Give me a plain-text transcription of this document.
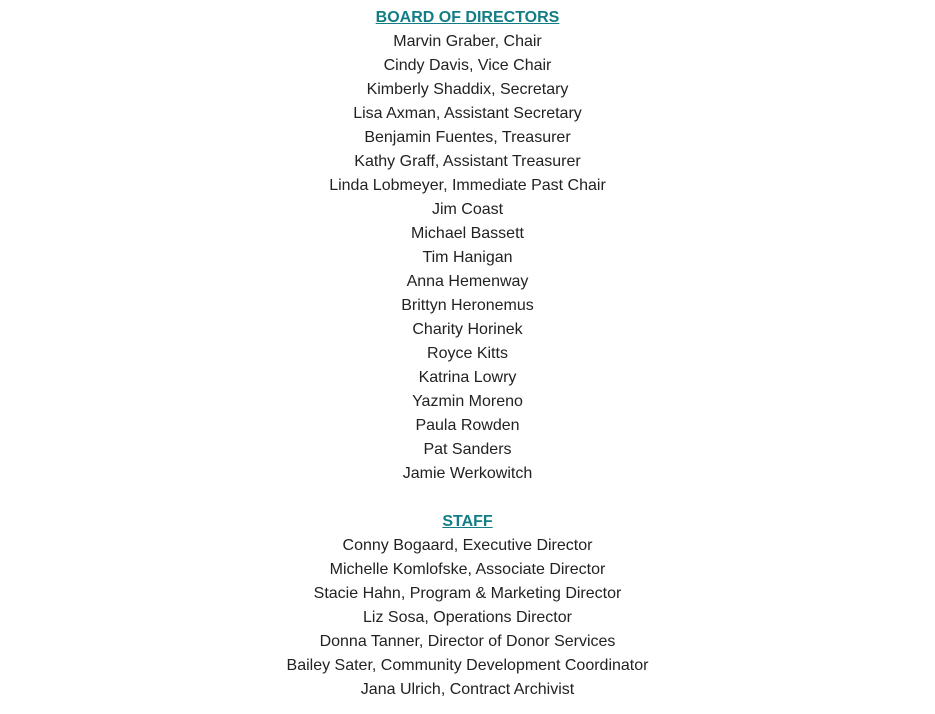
BOARD OF DIRECTORS
Marvin Graber, Chair
Cindy Davis, Vice Chair
Kimberly Shaddix, Secretary
Lisa Axman, Assistant Secretary
Benjamin Fuentes, Treasurer
Kathy Graff, Assistant Treasurer
Linda Lobmeyer, Immediate Past Chair
Jim Coast
Michael Bassett
Tim Hanigan
Anna Hemenway
Brittyn Heronemus
Charity Horinek
Royce Kitts
Katrina Lowry
Yazmin Moreno
Paula Rowden
Pat Sanders
Jamie Werkowitch
STAFF
Conny Bogaard, Executive Director
Michelle Komlofske, Associate Director
Stacie Hahn, Program & Marketing Director
Liz Sosa, Operations Director
Donna Tanner, Director of Donor Services
Bailey Sater, Community Development Coordinator
Jana Ulrich, Contract Archivist
